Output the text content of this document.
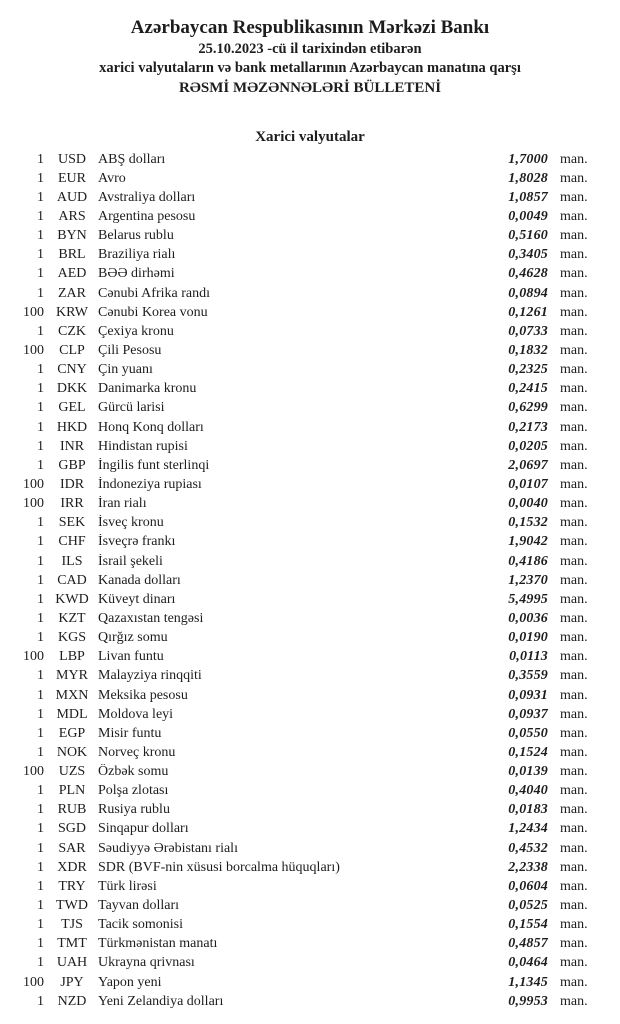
Azərbaycan Respublikasının Mərkəzi Bankı
25.10.2023 -cü il tarixindən etibarən
xarici valyutaların və bank metallarının Azərbaycan manatına qarşı
RƏSMİ MƏZƏNNƏLƏRİ BÜLLETENİ
Xarici valyutalar
1 USD ABŞ dolları	1,7000 man.
1	EUR Avro	1,8028 man.
1 AUD Avstraliya dolları	1,0857 man.
1	ARS Argentina pesosu	0,0049 man.
1 BYN Belarus rublu	0,5160 man.
1	BRL Braziliya rialı	0,3405 man.
1 AED BƏƏ dirhəmi	0,4628 man.
1	ZAR Cənubi Afrika randı	0,0894 man.
100 KRW Cənubi Korea vonu	0,1261 man.
1	CZK Çexiya kronu	0,0733 man.
100	CLP Çili Pesosu	0,1832 man.
1 CNY Çin yuanı	0,2325 man.
1 DKK Danimarka kronu	0,2415 man.
1	GEL Gürcü larisi	0,6299 man.
1 HKD Honq Konq dolları	0,2173 man.
1	INR Hindistan rupisi	0,0205 man.
1	GBP İngilis funt sterlinqi	2,0697 man.
100	IDR İndoneziya rupiası	0,0107 man.
100	IRR	İran rialı	0,0040 man.
1	SEK İsveç kronu	0,1532 man.
1	CHF İsveçrə frankı	1,9042 man.
1	ILS	İsrail şekeli	0,4186 man.
1 CAD Kanada dolları	1,2370 man.
1 KWD Küveyt dinarı	5,4995 man.
1	KZT Qazaxıstan tengəsi	0,0036 man.
1 KGS Qırğız somu	0,0190 man.
100	LBP Livan funtu	0,0113 man.
1 MYR Malayziya rinqqiti	0,3559 man.
1 MXN Meksika pesosu	0,0931 man.
1 MDL Moldova leyi	0,0937 man.
1	EGP Misir funtu	0,0550 man.
1 NOK Norveç kronu	0,1524 man.
100	UZS Özbək somu	0,0139 man.
1	PLN Polşa zlotası	0,4040 man.
1 RUB Rusiya rublu	0,0183 man.
1 SGD Sinqapur dolları	1,2434 man.
1	SAR Səudiyyə Ərəbistanı rialı	0,4532 man.
1 XDR SDR (BVF-nin xüsusi borcalma hüquqları)	2,2338 man.
1	TRY Türk lirəsi	0,0604 man.
1 TWD Tayvan dolları	0,0525 man.
1	TJS	Tacik somonisi	0,1554 man.
1 TMT Türkmənistan manatı	0,4857 man.
1 UAH Ukrayna qrivnası	0,0464 man.
100	JPY	Yapon yeni	1,1345 man.
1 NZD Yeni Zelandiya dolları	0,9953 man.
